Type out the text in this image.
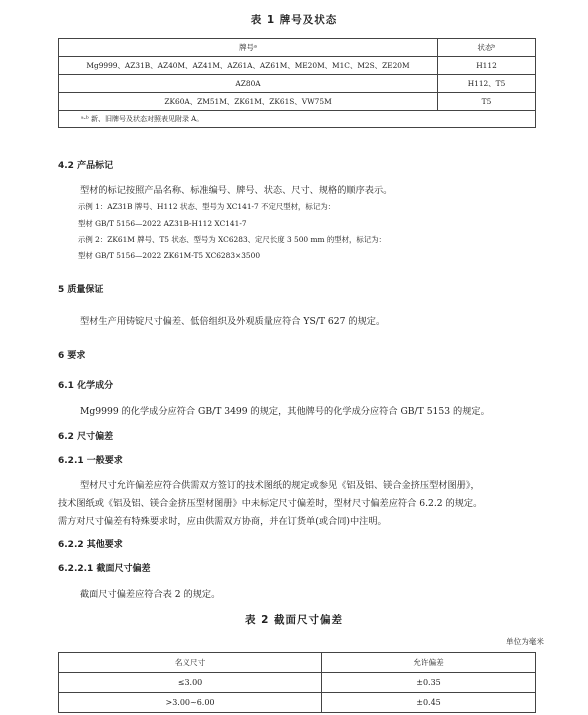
表 1 牌号及状态
牌号ᵃ	状态ᵇ
Mg9999、AZ31B、AZ40M、AZ41M、AZ61A、AZ61M、ME20M、M1C、M2S、ZE20M	H112
AZ80A	H112、T5
ZK60A、ZM51M、ZK61M、ZK61S、VW75M	T5
ᵃ·ᵇ 新、旧牌号及状态对照表见附录 A。	
4.2 产品标记
型材的标记按照产品名称、标准编号、牌号、状态、尺寸、规格的顺序表示。
示例 1：AZ31B 牌号、H112 状态、型号为 XC141-7 不定尺型材，标记为：
型材 GB/T 5156—2022 AZ31B-H112 XC141-7
示例 2：ZK61M 牌号、T5 状态、型号为 XC6283、定尺长度 3 500 mm 的型材，标记为：
型材 GB/T 5156—2022 ZK61M-T5 XC6283×3500
5 质量保证
型材生产用铸锭尺寸偏差、低倍组织及外观质量应符合 YS/T 627 的规定。
6 要求
6.1 化学成分
Mg9999 的化学成分应符合 GB/T 3499 的规定，其他牌号的化学成分应符合 GB/T 5153 的规定。
6.2 尺寸偏差
6.2.1 一般要求
型材尺寸允许偏差应符合供需双方签订的技术图纸的规定或参见《铝及铝、镁合金挤压型材图册》，
技术图纸或《铝及铝、镁合金挤压型材图册》中未标定尺寸偏差时，型材尺寸偏差应符合 6.2.2 的规定。
需方对尺寸偏差有特殊要求时，应由供需双方协商，并在订货单(或合同)中注明。
6.2.2 其他要求
6.2.2.1 截面尺寸偏差
截面尺寸偏差应符合表 2 的规定。
表 2 截面尺寸偏差
单位为毫米
名义尺寸	允许偏差
≤3.00	±0.35
>3.00~6.00	±0.45
